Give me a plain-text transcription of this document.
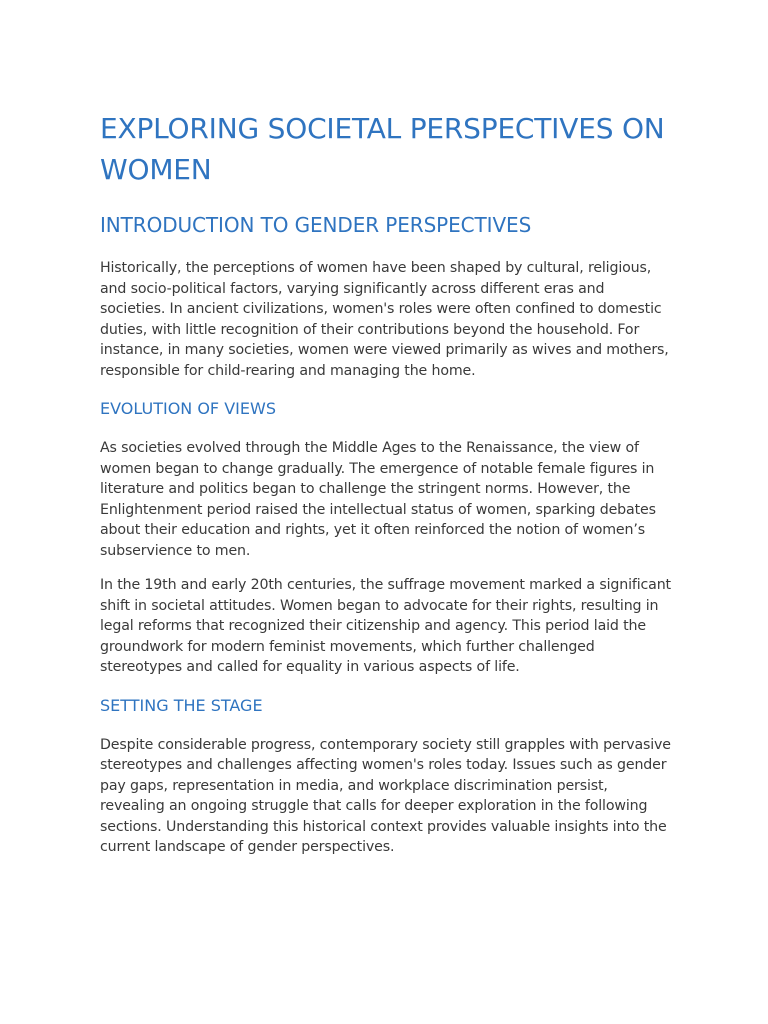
EXPLORING SOCIETAL PERSPECTIVES ON WOMEN
INTRODUCTION TO GENDER PERSPECTIVES

Historically, the perceptions of women have been shaped by cultural, religious, and socio-political factors, varying significantly across different eras and societies. In ancient civilizations, women's roles were often confined to domestic duties, with little recognition of their contributions beyond the household. For instance, in many societies, women were viewed primarily as wives and mothers, responsible for child-rearing and managing the home.

EVOLUTION OF VIEWS

As societies evolved through the Middle Ages to the Renaissance, the view of women began to change gradually. The emergence of notable female figures in literature and politics began to challenge the stringent norms. However, the Enlightenment period raised the intellectual status of women, sparking debates about their education and rights, yet it often reinforced the notion of women’s subservience to men.

In the 19th and early 20th centuries, the suffrage movement marked a significant shift in societal attitudes. Women began to advocate for their rights, resulting in legal reforms that recognized their citizenship and agency. This period laid the groundwork for modern feminist movements, which further challenged stereotypes and called for equality in various aspects of life.

SETTING THE STAGE

Despite considerable progress, contemporary society still grapples with pervasive stereotypes and challenges affecting women's roles today. Issues such as gender pay gaps, representation in media, and workplace discrimination persist, revealing an ongoing struggle that calls for deeper exploration in the following sections. Understanding this historical context provides valuable insights into the current landscape of gender perspectives.
